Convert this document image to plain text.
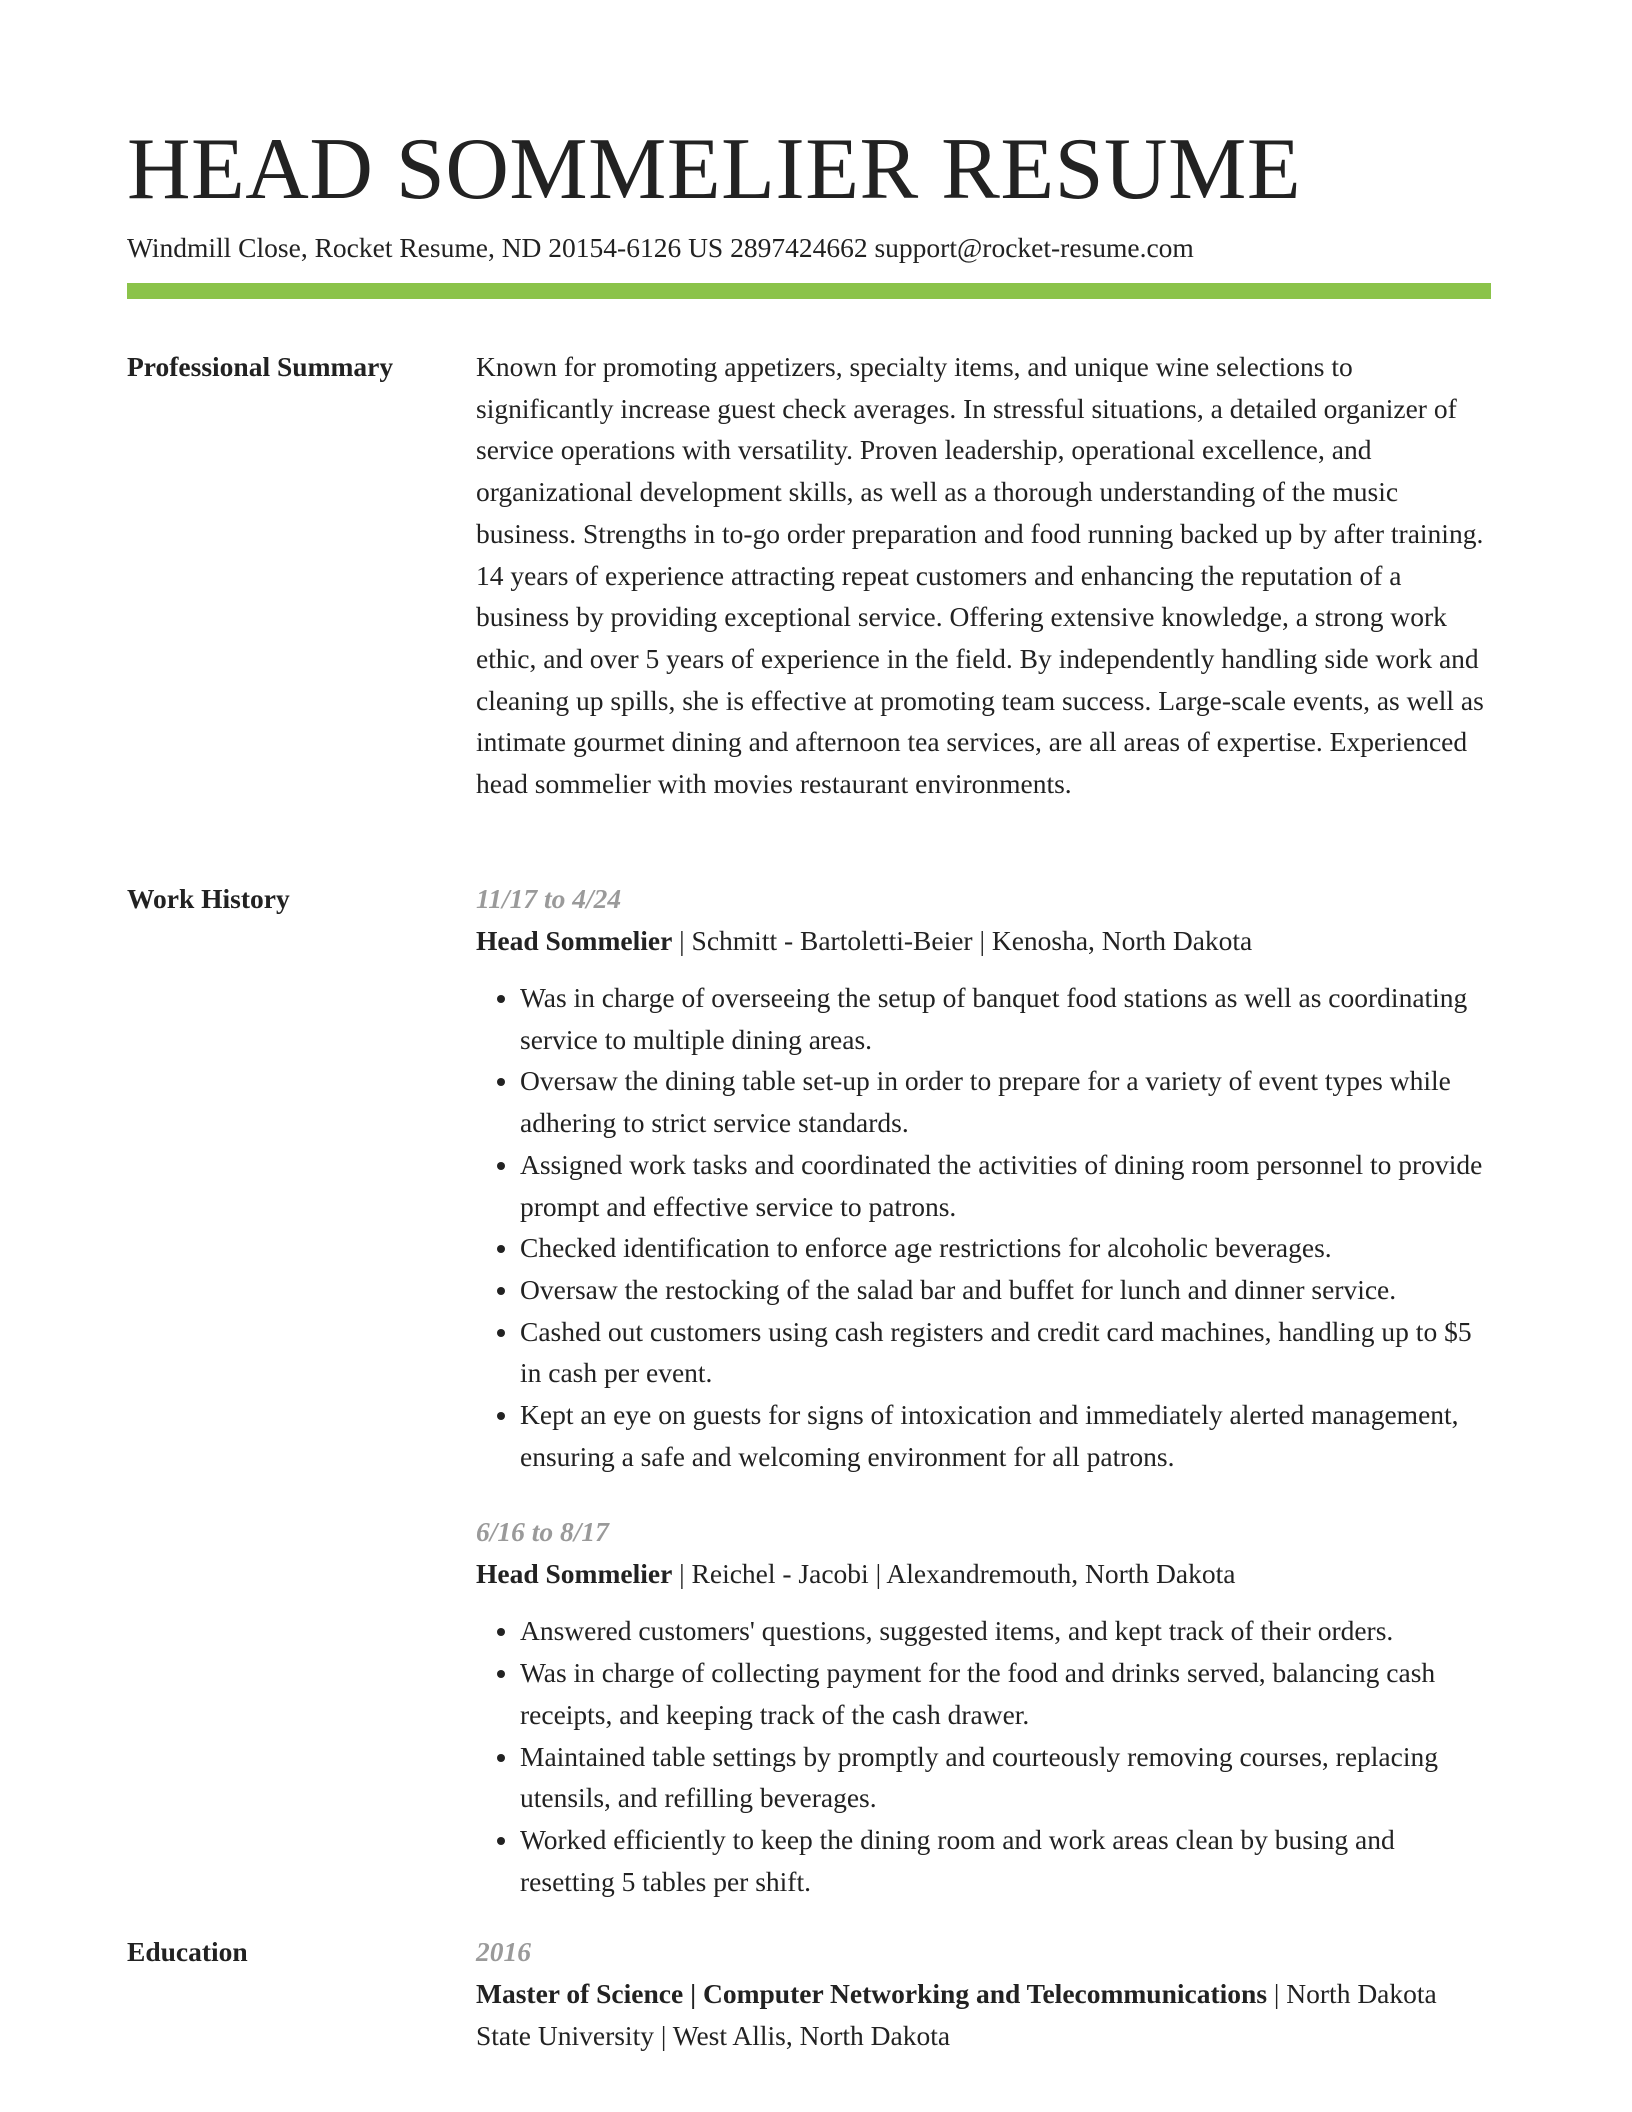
HEAD SOMMELIER RESUME
Windmill Close, Rocket Resume, ND 20154-6126 US 2897424662 support@rocket-resume.com
Professional Summary	Known for promoting appetizers, specialty items, and unique wine selections to significantly increase guest check averages. In stressful situations, a detailed organizer of service operations with versatility. Proven leadership, operational excellence, and organizational development skills, as well as a thorough understanding of the music business. Strengths in to-go order preparation and food running backed up by after training. 14 years of experience attracting repeat customers and enhancing the reputation of a business by providing exceptional service. Offering extensive knowledge, a strong work ethic, and over 5 years of experience in the field. By independently handling side work and cleaning up spills, she is effective at promoting team success. Large-scale events, as well as intimate gourmet dining and afternoon tea services, are all areas of expertise. Experienced head sommelier with movies restaurant environments.

Work History	11/17 to 4/24
Head Sommelier | Schmitt - Bartoletti-Beier | Kenosha, North Dakota
• Was in charge of overseeing the setup of banquet food stations as well as coordinating service to multiple dining areas.
• Oversaw the dining table set-up in order to prepare for a variety of event types while adhering to strict service standards.
• Assigned work tasks and coordinated the activities of dining room personnel to provide prompt and effective service to patrons.
• Checked identification to enforce age restrictions for alcoholic beverages.
• Oversaw the restocking of the salad bar and buffet for lunch and dinner service.
• Cashed out customers using cash registers and credit card machines, handling up to $5 in cash per event.
• Kept an eye on guests for signs of intoxication and immediately alerted management, ensuring a safe and welcoming environment for all patrons.
6/16 to 8/17
Head Sommelier | Reichel - Jacobi | Alexandremouth, North Dakota
• Answered customers' questions, suggested items, and kept track of their orders.
• Was in charge of collecting payment for the food and drinks served, balancing cash receipts, and keeping track of the cash drawer.
• Maintained table settings by promptly and courteously removing courses, replacing utensils, and refilling beverages.
• Worked efficiently to keep the dining room and work areas clean by busing and resetting 5 tables per shift.
Education	2016
Master of Science | Computer Networking and Telecommunications | North Dakota State University | West Allis, North Dakota
